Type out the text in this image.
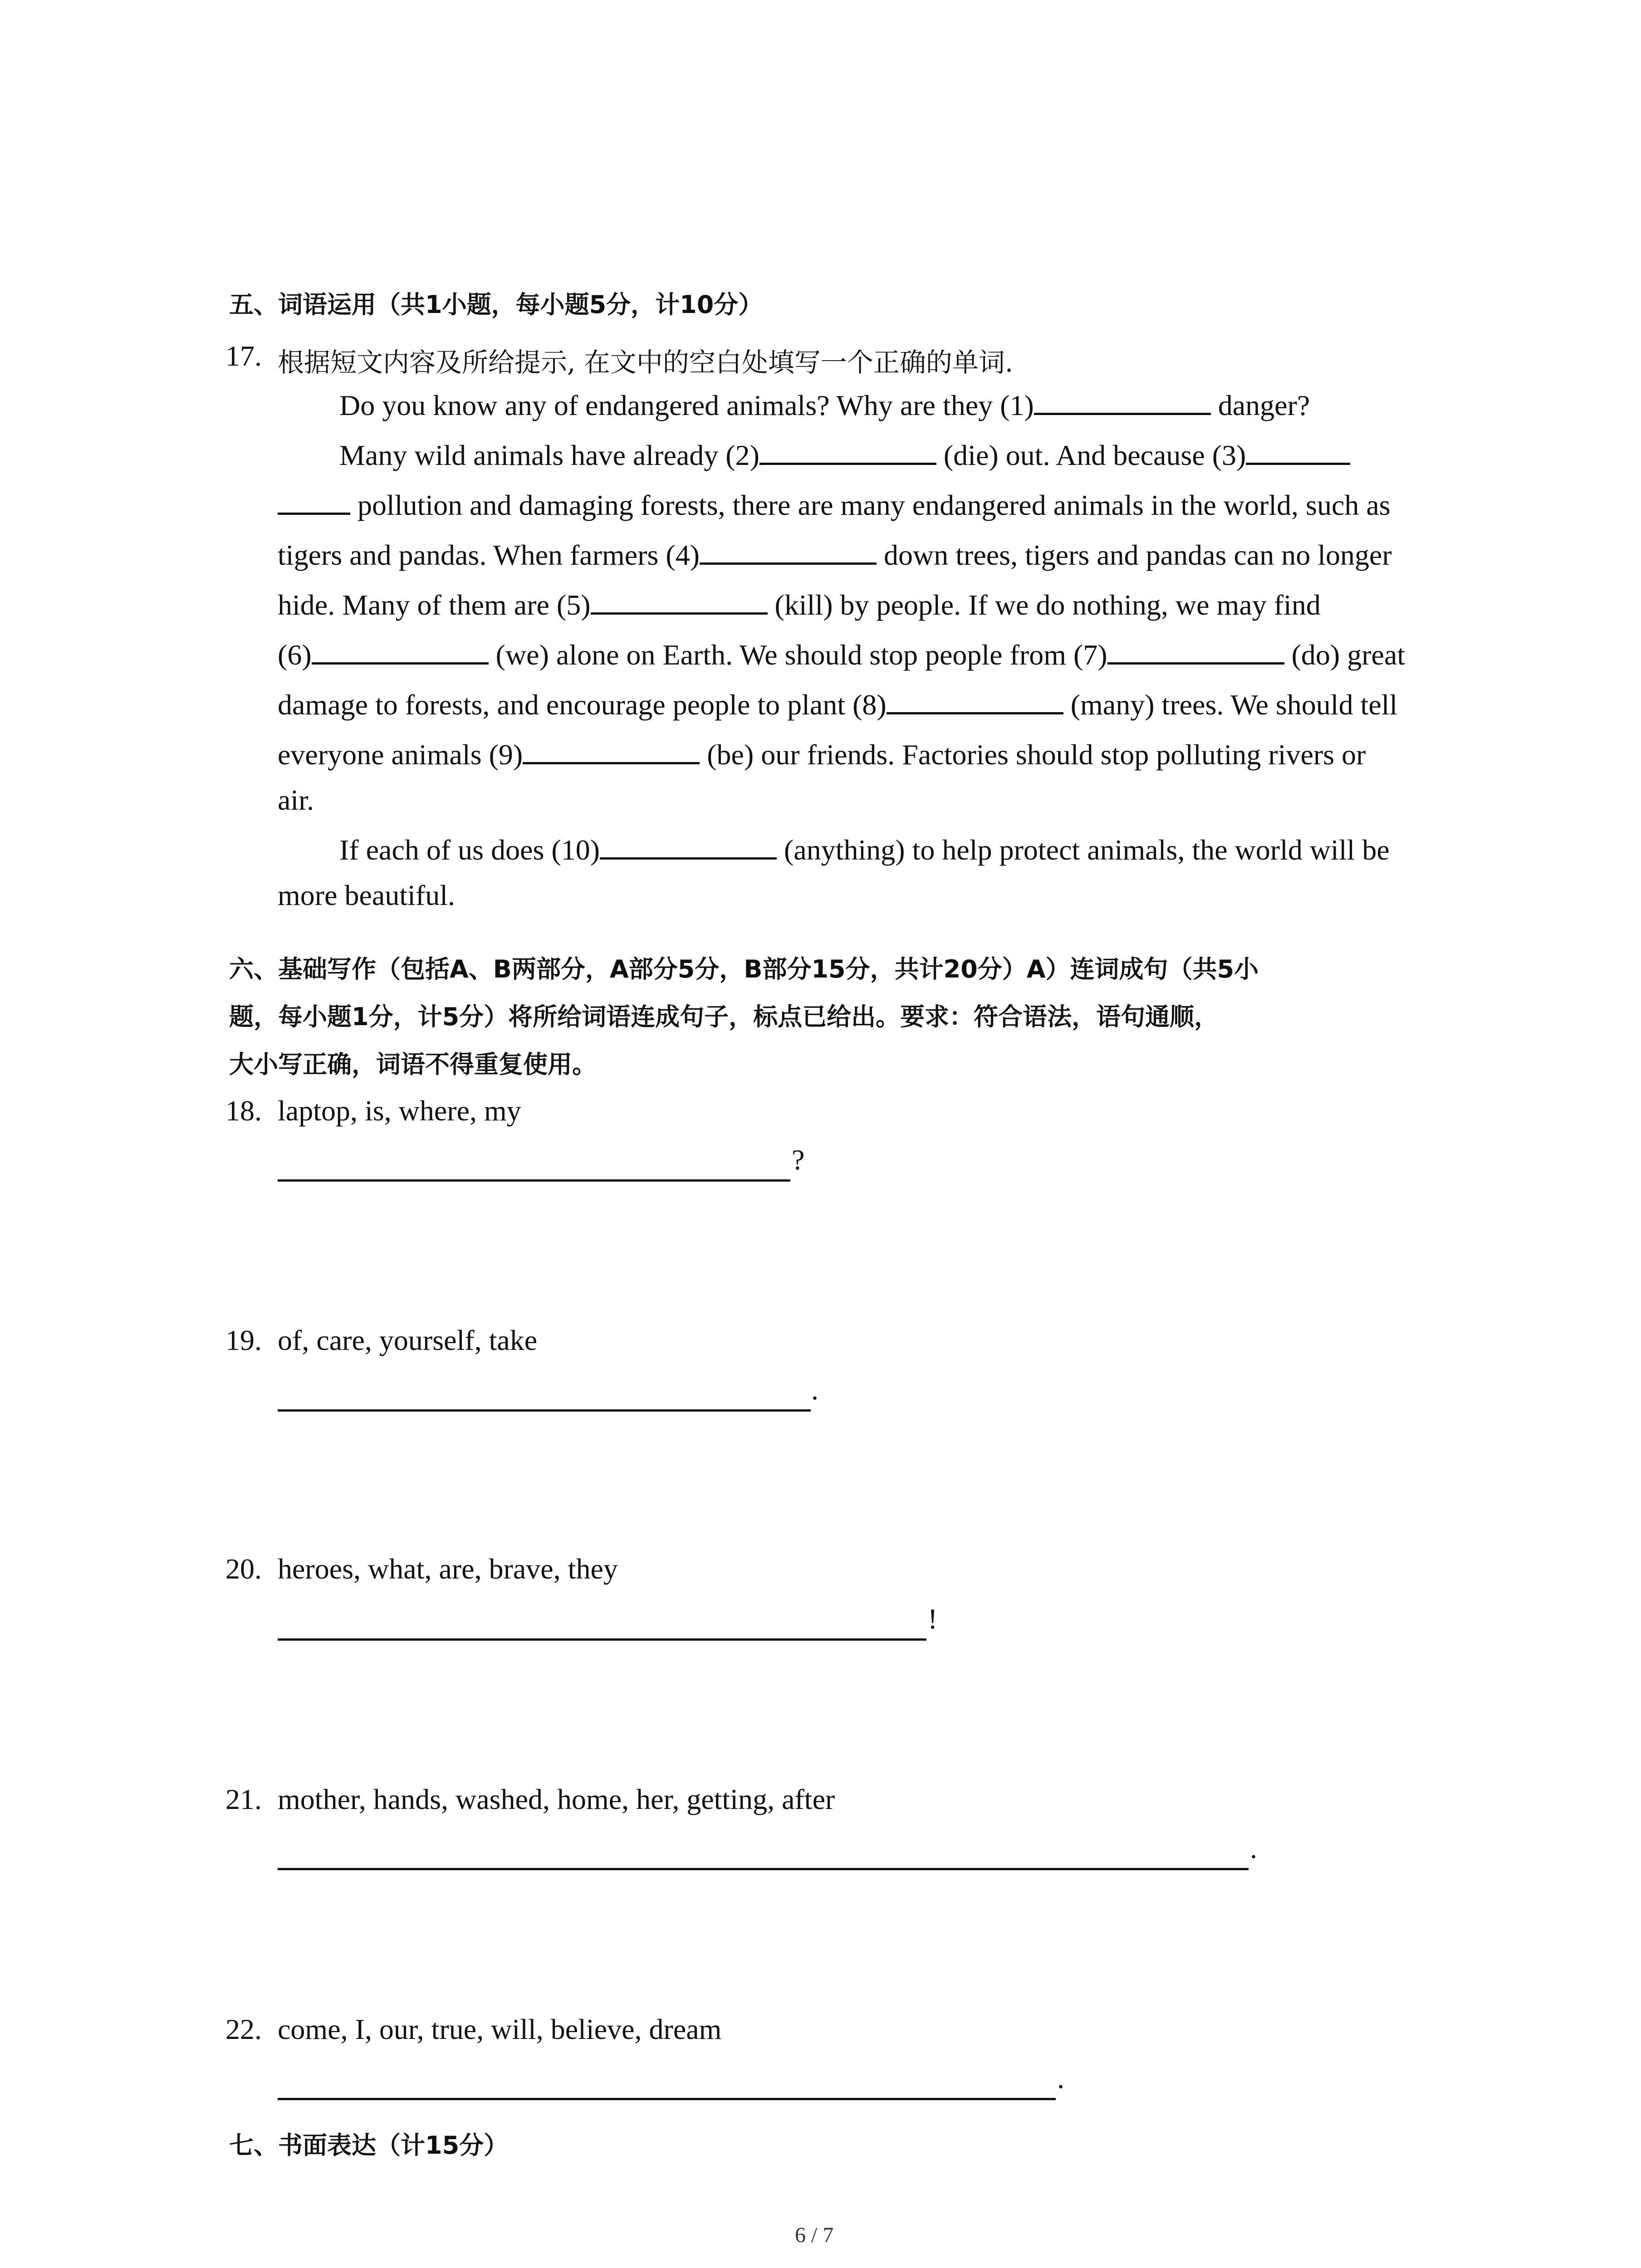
五、词语运用（共1小题，每小题5分，计10分）
17. 根据短文内容及所给提示, 在文中的空白处填写一个正确的单词.
Do you know any of endangered animals? Why are they (1)	danger?
Many wild animals have already (2)	(die) out. And because (3)
pollution and damaging forests, there are many endangered animals in the world, such as
tigers and pandas. When farmers (4)	down trees, tigers and pandas can no longer
hide. Many of them are (5)	(kill) by people. If we do nothing, we may find
(6)	(we) alone on Earth. We should stop people from (7)	(do) great
damage to forests, and encourage people to plant (8)	(many) trees. We should tell
everyone animals (9)	(be) our friends. Factories should stop polluting rivers or
air.
If each of us does (10)	(anything) to help protect animals, the world will be
more beautiful.
六、基础写作（包括A、B两部分，A部分5分，B部分15分，共计20分）A）连词成句（共5小
题，每小题1分，计5分）将所给词语连成句子，标点已给出。要求：符合语法，语句通顺，
大小写正确，词语不得重复使用。
18. laptop, is, where, my
?
19. of, care, yourself, take
.
20. heroes, what, are, brave, they
!
21. mother, hands, washed, home, her, getting, after
.
22. come, I, our, true, will, believe, dream
.
七、书面表达（计15分）
6 / 7
